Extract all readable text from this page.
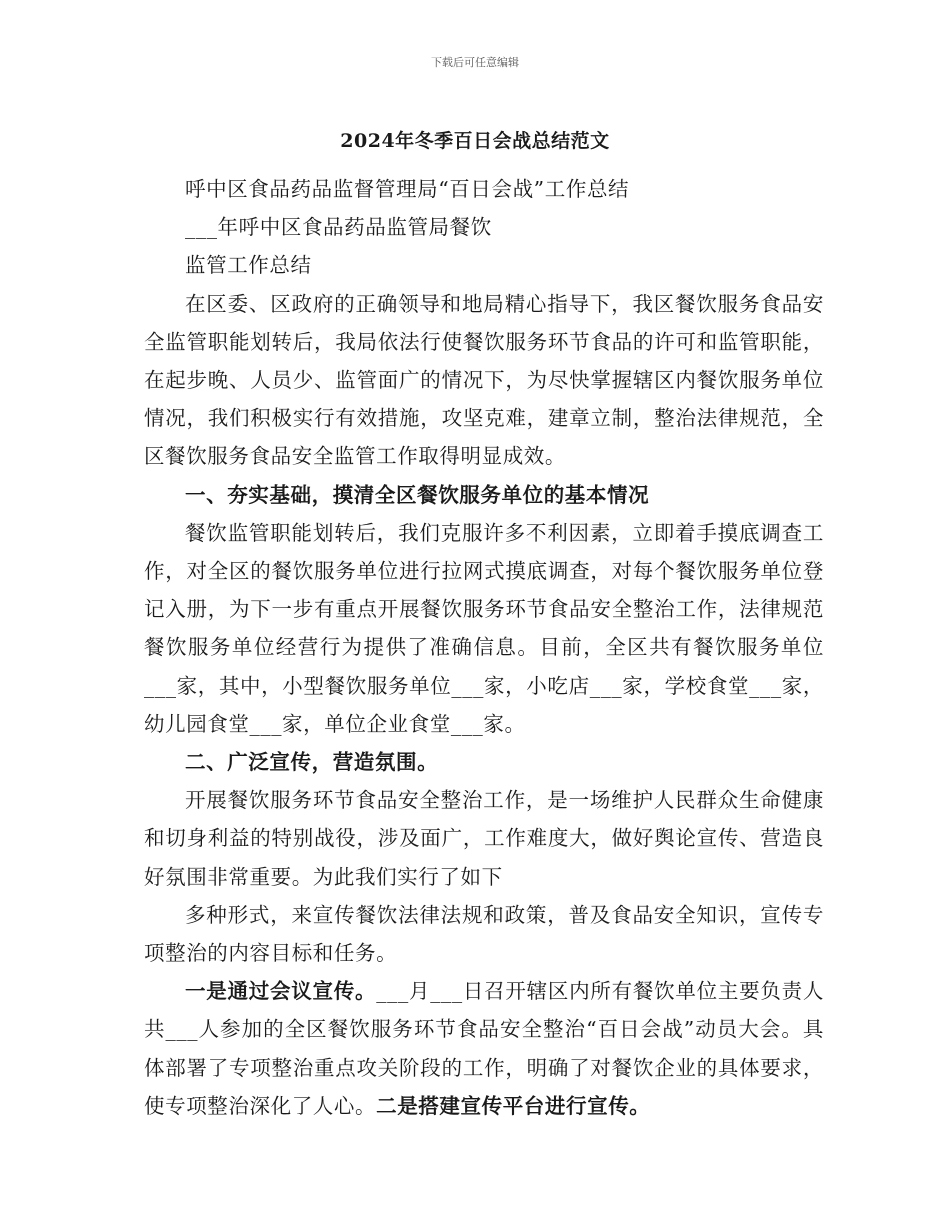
下载后可任意编辑
2024年冬季百日会战总结范文

呼中区食品药品监督管理局“百日会战”工作总结

___年呼中区食品药品监管局餐饮

监管工作总结

在区委、区政府的正确领导和地局精心指导下，我区餐饮服务食品安全监管职能划转后，我局依法行使餐饮服务环节食品的许可和监管职能，在起步晚、人员少、监管面广的情况下，为尽快掌握辖区内餐饮服务单位情况，我们积极实行有效措施，攻坚克难，建章立制，整治法律规范，全区餐饮服务食品安全监管工作取得明显成效。

一、夯实基础，摸清全区餐饮服务单位的基本情况

餐饮监管职能划转后，我们克服许多不利因素，立即着手摸底调查工作，对全区的餐饮服务单位进行拉网式摸底调查，对每个餐饮服务单位登记入册，为下一步有重点开展餐饮服务环节食品安全整治工作，法律规范餐饮服务单位经营行为提供了准确信息。目前，全区共有餐饮服务单位___家，其中，小型餐饮服务单位___家，小吃店___家，学校食堂___家，幼儿园食堂___家，单位企业食堂___家。

二、广泛宣传，营造氛围。

开展餐饮服务环节食品安全整治工作，是一场维护人民群众生命健康和切身利益的特别战役，涉及面广，工作难度大，做好舆论宣传、营造良好氛围非常重要。为此我们实行了如下

多种形式，来宣传餐饮法律法规和政策，普及食品安全知识，宣传专项整治的内容目标和任务。

一是通过会议宣传。___月___日召开辖区内所有餐饮单位主要负责人共___人参加的全区餐饮服务环节食品安全整治“百日会战”动员大会。具体部署了专项整治重点攻关阶段的工作，明确了对餐饮企业的具体要求，使专项整治深化了人心。二是搭建宣传平台进行宣传。
